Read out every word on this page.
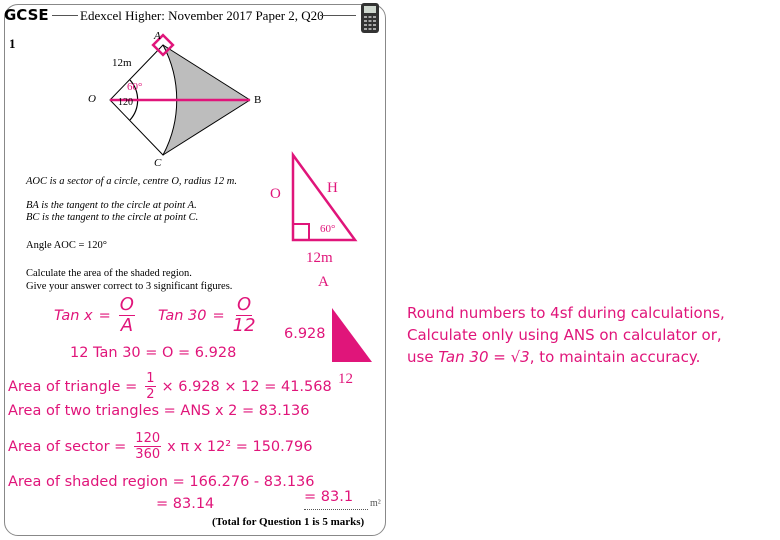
GCSE Edexcel Higher: November 2017 Paper 2, Q20
1	A
B
C
O
12m
60°
120
AOC is a sector of a circle, centre O, radius 12 m.
BA is the tangent to the circle at point A.
BC is the tangent to the circle at point C.
Angle AOC = 120°
Calculate the area of the shaded region.
Give your answer correct to 3 significant figures.
O	H
60°
12m
A
Tan $x = \frac{O}{A}$ Tan $30 = \frac{O}{12}$
12 Tan 30 = O = 6.928
6.928
12
Area of triangle = $\frac{1}{2} \times 6.928 \times 12 = 41.568$
Area of two triangles = ANS x 2 = 83.136
Area of sector = $\frac{120}{360}$ x π x 12² = 150.796
Area of shaded region = 166.276 - 83.136
= 83.14	= 83.1 m²
(Total for Question 1 is 5 marks)
Round numbers to 4sf during calculations,
Calculate only using ANS on calculator or,
use Tan 30 = √3, to maintain accuracy.
